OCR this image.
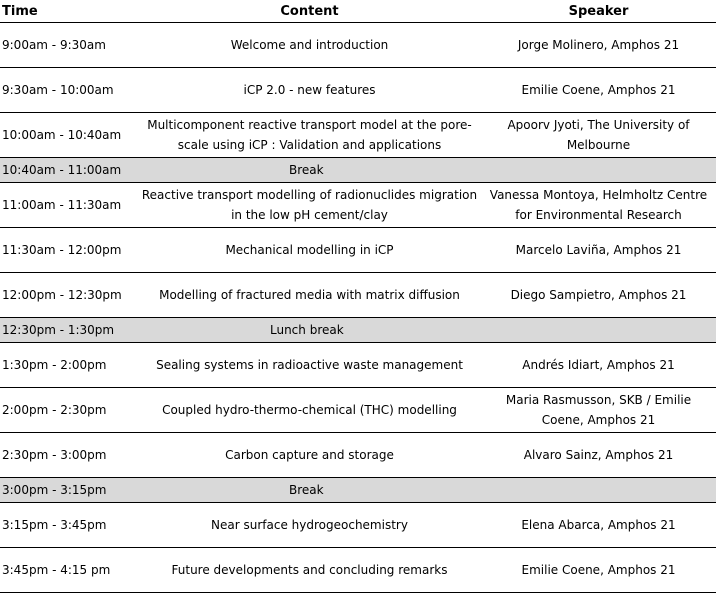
Time	Content	Speaker
9:00am - 9:30am	Welcome and introduction	Jorge Molinero, Amphos 21
9:30am - 10:00am	iCP 2.0 - new features	Emilie Coene, Amphos 21
10:00am - 10:40am	Multicomponent reactive transport model at the pore-scale using iCP : Validation and applications	Apoorv Jyoti, The University of Melbourne
10:40am - 11:00am	Break	
11:00am - 11:30am	Reactive transport modelling of radionuclides migration in the low pH cement/clay	Vanessa Montoya, Helmholtz Centre for Environmental Research
11:30am - 12:00pm	Mechanical modelling in iCP	Marcelo Laviña, Amphos 21
12:00pm - 12:30pm	Modelling of fractured media with matrix diffusion	Diego Sampietro, Amphos 21
12:30pm - 1:30pm	Lunch break	
1:30pm - 2:00pm	Sealing systems in radioactive waste management	Andrés Idiart, Amphos 21
2:00pm - 2:30pm	Coupled hydro-thermo-chemical (THC) modelling	Maria Rasmusson, SKB / Emilie Coene, Amphos 21
2:30pm - 3:00pm	Carbon capture and storage	Alvaro Sainz, Amphos 21
3:00pm - 3:15pm	Break	
3:15pm - 3:45pm	Near surface hydrogeochemistry	Elena Abarca, Amphos 21
3:45pm - 4:15 pm	Future developments and concluding remarks	Emilie Coene, Amphos 21
